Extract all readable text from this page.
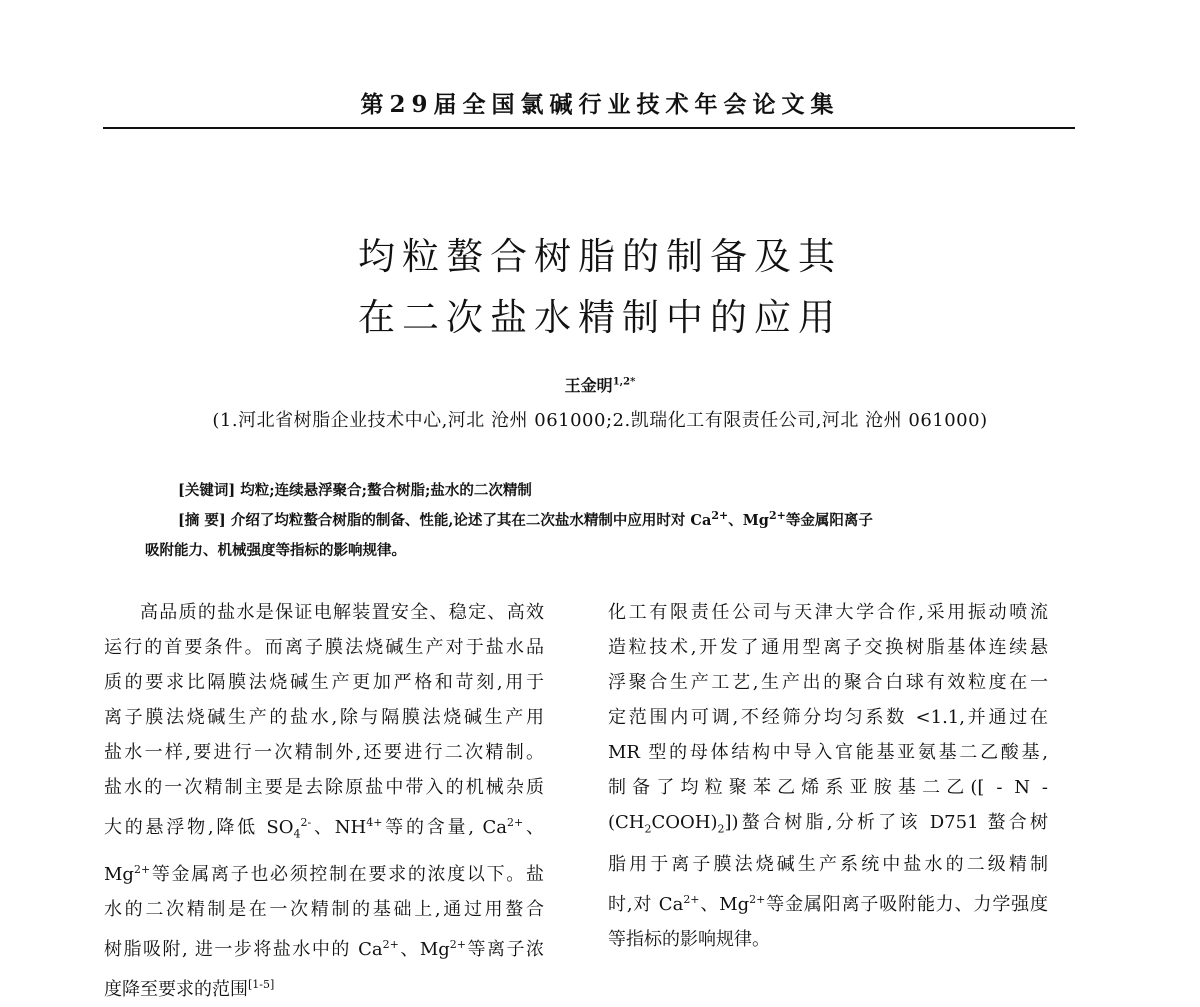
第29届全国氯碱行业技术年会论文集
均粒螯合树脂的制备及其
在二次盐水精制中的应用
王金明$^{1,2*}$
(1.河北省树脂企业技术中心,河北 沧州 061000;2.凯瑞化工有限责任公司,河北 沧州 061000)
[关键词] 均粒;连续悬浮聚合;螯合树脂;盐水的二次精制
[摘 要] 介绍了均粒螯合树脂的制备、性能,论述了其在二次盐水精制中应用时对 $Ca^{2+}$、$Mg^{2+}$等金属阳离子
吸附能力、机械强度等指标的影响规律。
高品质的盐水是保证电解装置安全、稳定、高效
运行的首要条件。而离子膜法烧碱生产对于盐水品
质的要求比隔膜法烧碱生产更加严格和苛刻,用于
离子膜法烧碱生产的盐水,除与隔膜法烧碱生产用
盐水一样,要进行一次精制外,还要进行二次精制。
盐水的一次精制主要是去除原盐中带入的机械杂质
大的悬浮物,降低 $SO_4^{2-}$、$NH^{4+}$等的含量, $Ca^{2+}$、
$Mg^{2+}$等金属离子也必须控制在要求的浓度以下。盐
水的二次精制是在一次精制的基础上,通过用螯合
树脂吸附, 进一步将盐水中的 $Ca^{2+}$、$Mg^{2+}$等离子浓
度降至要求的范围[1-5]
化工有限责任公司与天津大学合作,采用振动喷流
造粒技术,开发了通用型离子交换树脂基体连续悬
浮聚合生产工艺,生产出的聚合白球有效粒度在一
定范围内可调,不经筛分均匀系数 <1.1,并通过在
MR 型的母体结构中导入官能基亚氨基二乙酸基,
制备了均粒聚苯乙烯系亚胺基二乙([ - N -
$(CH_2COOH)_2$])螯合树脂,分析了该 D751 螯合树
脂用于离子膜法烧碱生产系统中盐水的二级精制
时,对 $Ca^{2+}$、$Mg^{2+}$等金属阳离子吸附能力、力学强度
等指标的影响规律。
